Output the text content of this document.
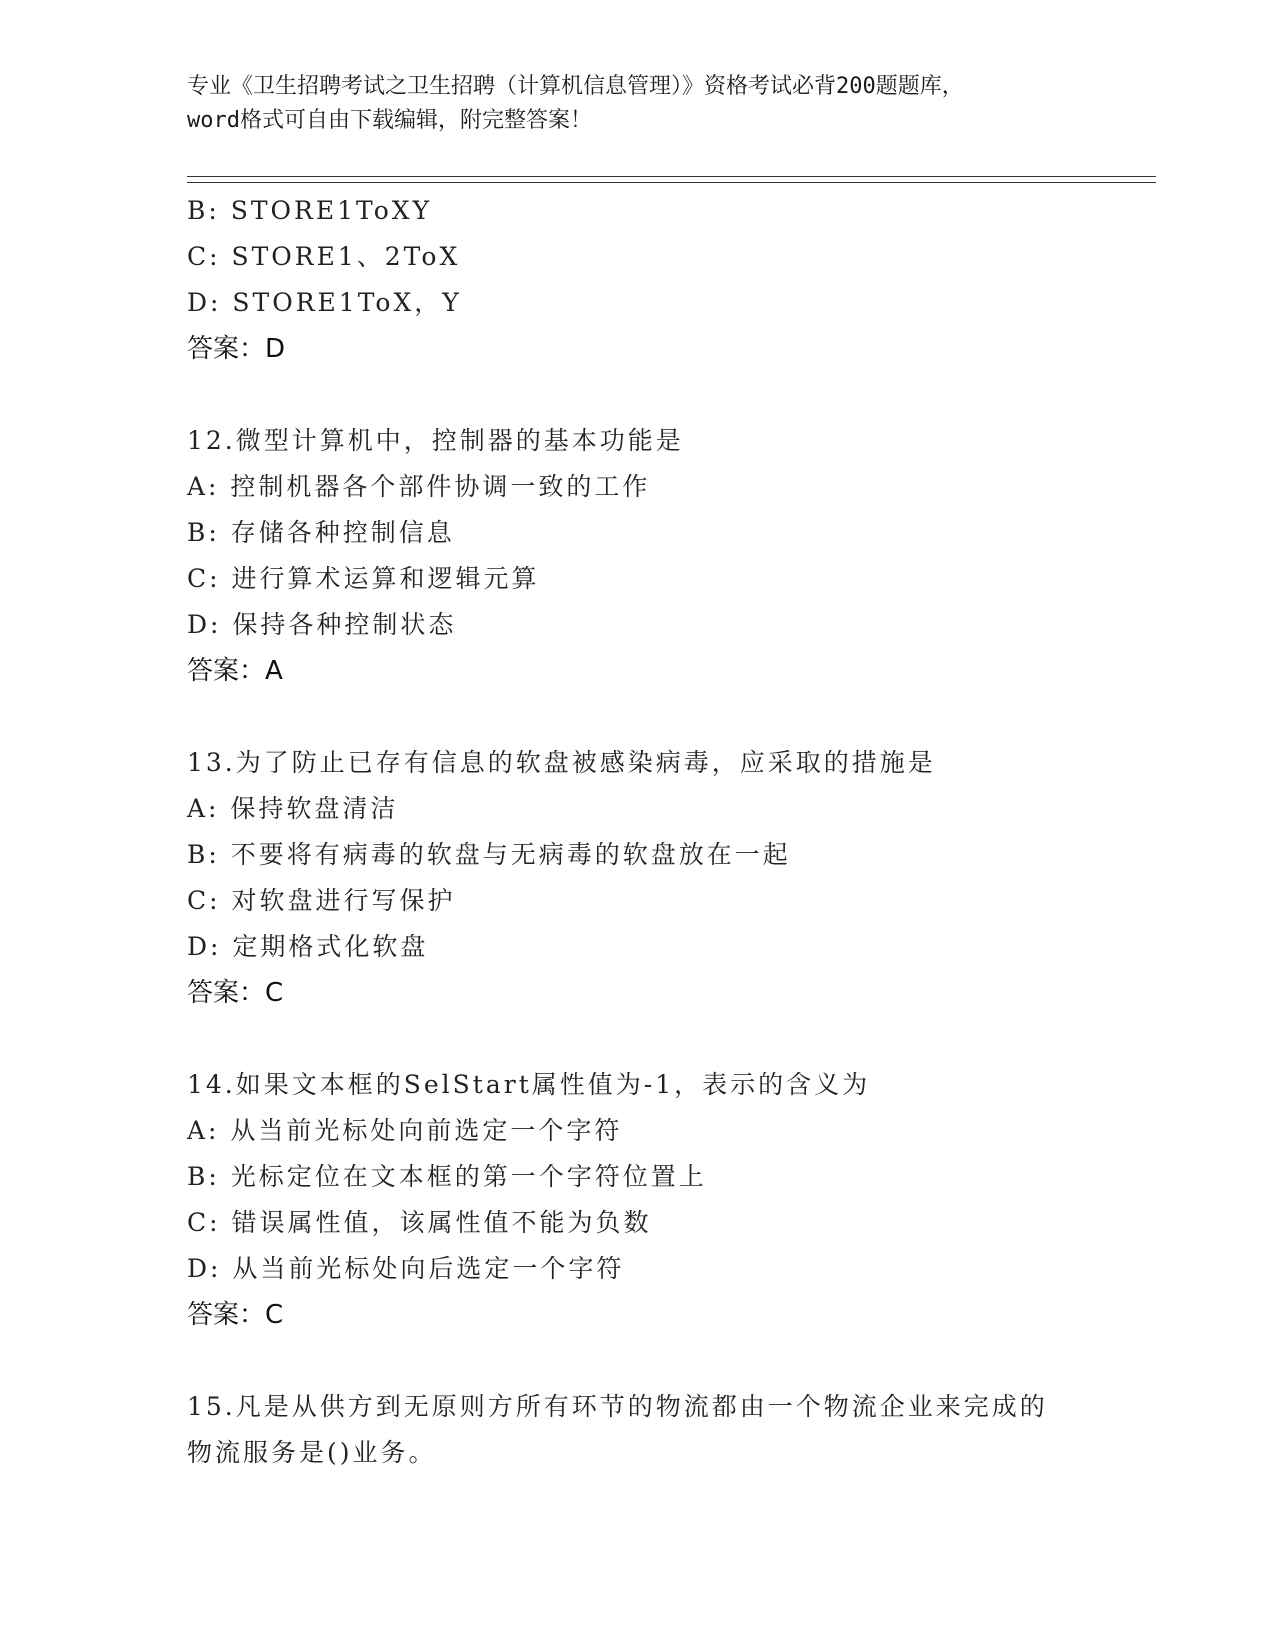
专业《卫生招聘考试之卫生招聘（计算机信息管理）》资格考试必背200题题库，
word格式可自由下载编辑，附完整答案！
B: STORE1ToXY
C: STORE1、2ToX
D: STORE1ToX，Y
答案：D
12.微型计算机中，控制器的基本功能是
A: 控制机器各个部件协调一致的工作
B: 存储各种控制信息
C: 进行算术运算和逻辑元算
D: 保持各种控制状态
答案：A
13.为了防止已存有信息的软盘被感染病毒，应采取的措施是
A: 保持软盘清洁
B: 不要将有病毒的软盘与无病毒的软盘放在一起
C: 对软盘进行写保护
D: 定期格式化软盘
答案：C
14.如果文本框的SelStart属性值为-1，表示的含义为
A: 从当前光标处向前选定一个字符
B: 光标定位在文本框的第一个字符位置上
C: 错误属性值，该属性值不能为负数
D: 从当前光标处向后选定一个字符
答案：C
15.凡是从供方到无原则方所有环节的物流都由一个物流企业来完成的
物流服务是()业务。
